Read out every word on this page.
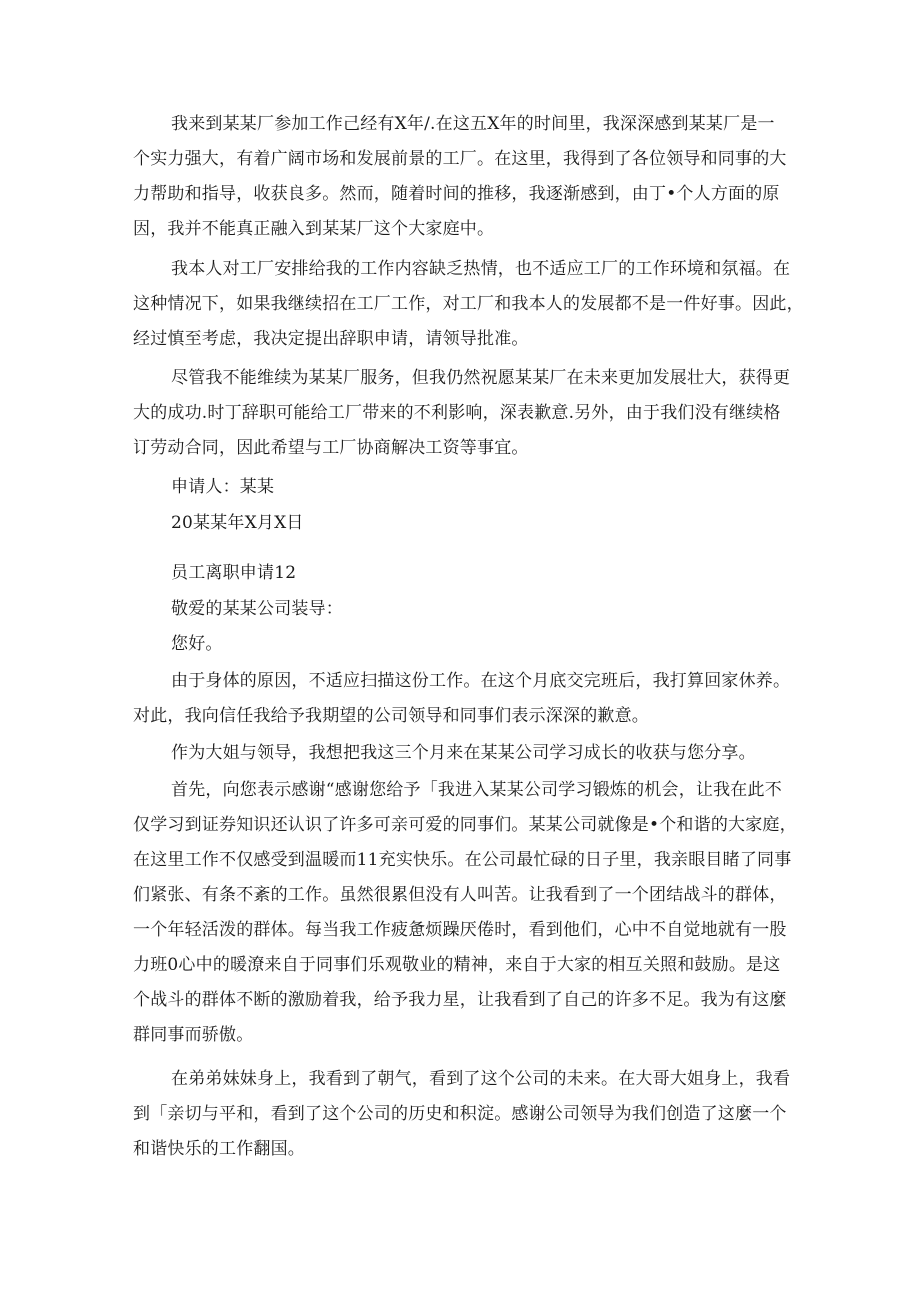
我来到某某厂参加工作己经有X年/.在这五X年的时间里，我深深感到某某厂是一
个实力强大，有着广阔市场和发展前景的工厂。在这里，我得到了各位领导和同事的大
力帮助和指导，收获良多。然而，随着时间的推移，我逐渐感到，由丁•个人方面的原
因，我并不能真正融入到某某厂这个大家庭中。
我本人对工厂安排给我的工作内容缺乏热情，也不适应工厂的工作环境和氛福。在
这种情况下，如果我继续招在工厂工作，对工厂和我本人的发展都不是一件好事。因此，
经过慎至考虑，我决定提出辞职申请，请领导批准。
尽管我不能维续为某某厂服务，但我仍然祝愿某某厂在未来更加发展壮大，获得更
大的成功.时丁辞职可能给工厂带来的不利影响，深表歉意.另外，由于我们没有继续格
订劳动合同，因此希望与工厂协商解决工资等事宜。
申请人：某某
20某某年X月X日
员工离职申请12
敬爱的某某公司装导：
您好。
由于身体的原因，不适应扫描这份工作。在这个月底交完班后，我打算回家休养。
对此，我向信任我给予我期望的公司领导和同事们表示深深的歉意。
作为大姐与领导，我想把我这三个月来在某某公司学习成长的收获与您分享。
首先，向您表示感谢“感谢您给予「我进入某某公司学习锻炼的机会，让我在此不
仅学习到证券知识还认识了许多可亲可爱的同事们。某某公司就像是•个和谐的大家庭，
在这里工作不仅感受到温暖而11充实快乐。在公司最忙碌的日子里，我亲眼目睹了同事
们紧张、有条不紊的工作。虽然很累但没有人叫苦。让我看到了一个团结战斗的群体，
一个年轻活泼的群体。每当我工作疲惫烦躁厌倦时，看到他们，心中不自觉地就有一股
力班0心中的暖潦来自于同事们乐观敬业的精神，来自于大家的相互关照和鼓励。是这
个战斗的群体不断的激励着我，给予我力星，让我看到了自己的许多不足。我为有这麼
群同事而骄傲。
在弟弟妹妹身上，我看到了朝气，看到了这个公司的未来。在大哥大姐身上，我看
到「亲切与平和，看到了这个公司的历史和积淀。感谢公司领导为我们创造了这麼一个
和谐快乐的工作翻国。
